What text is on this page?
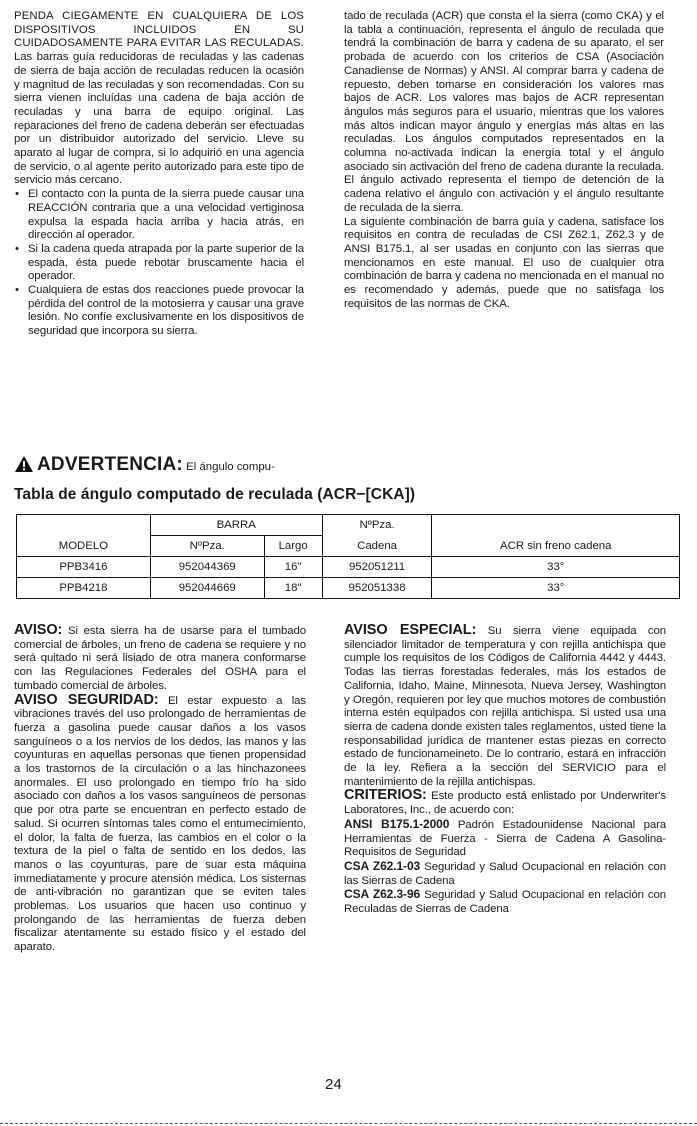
PENDA CIEGAMENTE EN CUALQUIERA DE LOS DISPOSITIVOS INCLUIDOS EN SU CUIDADOSAMENTE PARA EVITAR LAS RECULADAS. Las barras guía reducidoras de reculadas y las cadenas de sierra de baja acción de reculadas reducen la ocasión y magnitud de las reculadas y son recomendadas. Con su sierra vienen incluídas una cadena de baja acción de reculadas y una barra de equipo original. Las reparaciones del freno de cadena deberán ser efectuadas por un distribuidor autorizado del servicio. Lleve su aparato al lugar de compra, si lo adquirió en una agencia de servicio, o al agente perito autorizado para este tipo de servicio más cercano.

• El contacto con la punta de la sierra puede causar una REACCIÓN contraria que a una velocidad vertiginosa expulsa la espada hacia arriba y hacia atrás, en dirección al operador.
• Si la cadena queda atrapada por la parte superior de la espada, ésta puede rebotar bruscamente hacia el operador.
• Cualquiera de estas dos reacciones puede provocar la pérdida del control de la motosierra y causar una grave lesión. No confíe exclusivamente en los dispositivos de seguridad que incorpora su sierra.
ADVERTENCIA: El ángulo compu-

tado de reculada (ACR) que consta el la sierra (como CKA) y el la tabla a continuación, representa el ángulo de reculada que tendrá la combinación de barra y cadena de su aparato, el ser probada de acuerdo con los criterios de CSA (Asociación Canadiense de Normas) y ANSI. Al comprar barra y cadena de repuesto, deben tomarse en consideración los valores mas bajos de ACR. Los valores mas bajos de ACR representan ángulos más seguros para el usuario, mientras que los valores más altos indican mayor ángulo y energías más altas en las reculadas. Los ángulos computados representados en la columna no-activada indican la energía total y el ángulo asociado sin activación del freno de cadena durante la reculada. El ángulo activado representa el tiempo de detención de la cadena relativo el ángulo con activación y el ángulo resultante de reculada de la sierra.

La siguiente combinación de barra guía y cadena, satisface los requisitos en contra de reculadas de CSI Z62.1, Z62.3 y de ANSI B175.1, al ser usadas en conjunto con las sierras que mencionamos en este manual. El uso de cualquier otra combinación de barra y cadena no mencionada en el manual no es recomendado y además, puede que no satisfaga los requisitos de las normas de CKA.

Tabla de ángulo computado de reculada (ACR−[CKA])
	BARRA		NºPza.	
MODELO	NºPza.	Largo	Cadena	ACR sin freno cadena
PPB3416	952044369	16"	952051211	33°
PPB4218	952044669	18"	952051338	33°

AVISO: Si esta sierra ha de usarse para el tumbado comercial de árboles, un freno de cadena se requiere y no será quitado ni será lisiado de otra manera conformarse con las Regulaciones Federales del OSHA para el tumbado comercial de árboles.

AVISO SEGURIDAD: El estar expuesto a las vibraciones través del uso prolongado de herramientas de fuerza a gasolina puede causar daños a los vasos sanguíneos o a los nervios de los dedos, las manos y las coyunturas en aquellas personas que tienen propensidad a los trastornos de la circulación o a las hinchazonees anormales. El uso prolongado en tiempo frío ha sido asociado con daños a los vasos sanguíneos de personas que por otra parte se encuentran en perfecto estado de salud. Si ocurren síntomas tales como el entumecimiento, el dolor, la falta de fuerza, las cambios en el color o la textura de la piel o falta de sentido en los dedos, las manos o las coyunturas, pare de suar esta máquina immediatamente y procure atensión médica. Los sisternas de anti-vibración no garantizan que se eviten tales problemas. Los usuarios que hacen uso continuo y prolongando de las herramientas de fuerza deben fiscalizar atentamente su estado físico y el estado del aparato.

AVISO ESPECIAL: Su sierra viene equipada con silenciador limitador de temperatura y con rejilla antichispa que cumple los requisitos de los Códigos de California 4442 y 4443. Todas las tierras forestadas federales, más los estados de California, Idaho, Maine, Minnesota, Nueva Jersey, Washington y Oregón, requieren por ley que muchos motores de combustión interna estén equipados con rejilla antichispa. Si usted usa una sierra de cadena donde existen tales reglamentos, usted tiene la responsabilidad jurídica de mantener estas piezas en correcto estado de funcionameineto. De lo contrario, estará en infracción de la ley. Refiera a la sección del SERVICIO para el mantenimiento de la rejilla antichispas.

CRITERIOS: Este producto está enlistado por Underwriter's Laboratores, Inc., de acuerdo con:

ANSI B175.1-2000 Padrón Estadounidense Nacional para Herramientas de Fuerza - Sierra de Cadena A Gasolina-Requisitos de Seguridad

CSA Z62.1-03 Seguridad y Salud Ocupacional en relación con las Sierras de Cadena

CSA Z62.3-96 Seguridad y Salud Ocupacional en relación con Reculadas de Sierras de Cadena

24
